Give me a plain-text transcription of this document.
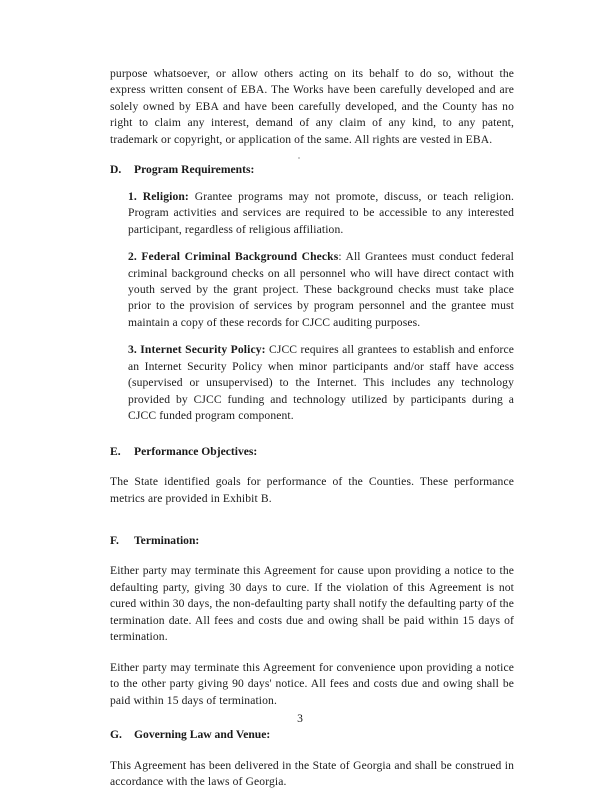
purpose whatsoever, or allow others acting on its behalf to do so, without the express written consent of EBA. The Works have been carefully developed and are solely owned by EBA and have been carefully developed, and the County has no right to claim any interest, demand of any claim of any kind, to any patent, trademark or copyright, or application of the same. All rights are vested in EBA.

D. Program Requirements:

1. Religion: Grantee programs may not promote, discuss, or teach religion. Program activities and services are required to be accessible to any interested participant, regardless of religious affiliation.

2. Federal Criminal Background Checks: All Grantees must conduct federal criminal background checks on all personnel who will have direct contact with youth served by the grant project. These background checks must take place prior to the provision of services by program personnel and the grantee must maintain a copy of these records for CJCC auditing purposes.

3. Internet Security Policy: CJCC requires all grantees to establish and enforce an Internet Security Policy when minor participants and/or staff have access (supervised or unsupervised) to the Internet. This includes any technology provided by CJCC funding and technology utilized by participants during a CJCC funded program component.

E. Performance Objectives:

The State identified goals for performance of the Counties. These performance metrics are provided in Exhibit B.

F.	Termination:

Either party may terminate this Agreement for cause upon providing a notice to the defaulting party, giving 30 days to cure. If the violation of this Agreement is not cured within 30 days, the non-defaulting party shall notify the defaulting party of the termination date. All fees and costs due and owing shall be paid within 15 days of termination.

Either party may terminate this Agreement for convenience upon providing a notice to the other party giving 90 days' notice. All fees and costs due and owing shall be paid within 15 days of termination.

G. Governing Law and Venue:

This Agreement has been delivered in the State of Georgia and shall be construed in accordance with the laws of Georgia.

3
